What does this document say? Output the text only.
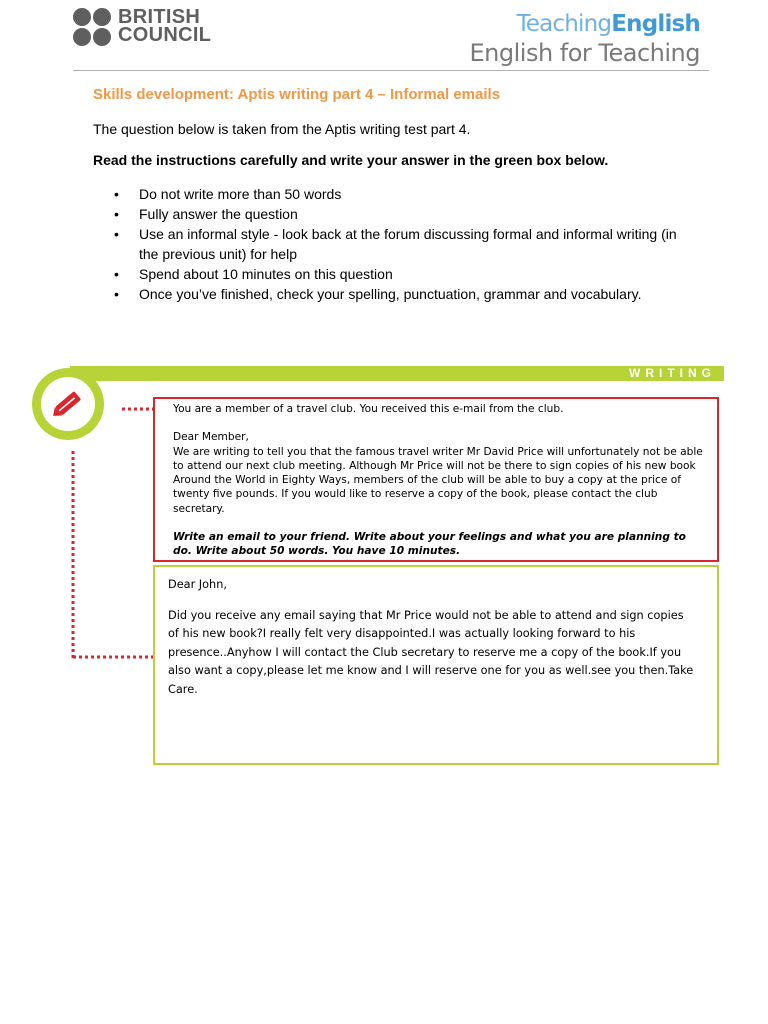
BRITISH
COUNCIL	TeachingEnglish
English for Teaching
Skills development: Aptis writing part 4 – Informal emails
The question below is taken from the Aptis writing test part 4.
Read the instructions carefully and write your answer in the green box below.
• Do not write more than 50 words
• Fully answer the question
• Use an informal style - look back at the forum discussing formal and informal writing (in the previous unit) for help
• Spend about 10 minutes on this question
• Once you’ve finished, check your spelling, punctuation, grammar and vocabulary.
WRITING

You are a member of a travel club. You received this e-mail from the club.

Dear Member,

We are writing to tell you that the famous travel writer Mr David Price will unfortunately not be able to attend our next club meeting. Although Mr Price will not be there to sign copies of his new book Around the World in Eighty Ways, members of the club will be able to buy a copy at the price of twenty five pounds. If you would like to reserve a copy of the book, please contact the club secretary.

Write an email to your friend. Write about your feelings and what you are planning to do. Write about 50 words. You have 10 minutes.

Dear John,

Did you receive any email saying that Mr Price would not be able to attend and sign copies of his new book?I really felt very disappointed.I was actually looking forward to his presence..Anyhow I will contact the Club secretary to reserve me a copy of the book.If you also want a copy,please let me know and I will reserve one for you as well.see you then.Take Care.
